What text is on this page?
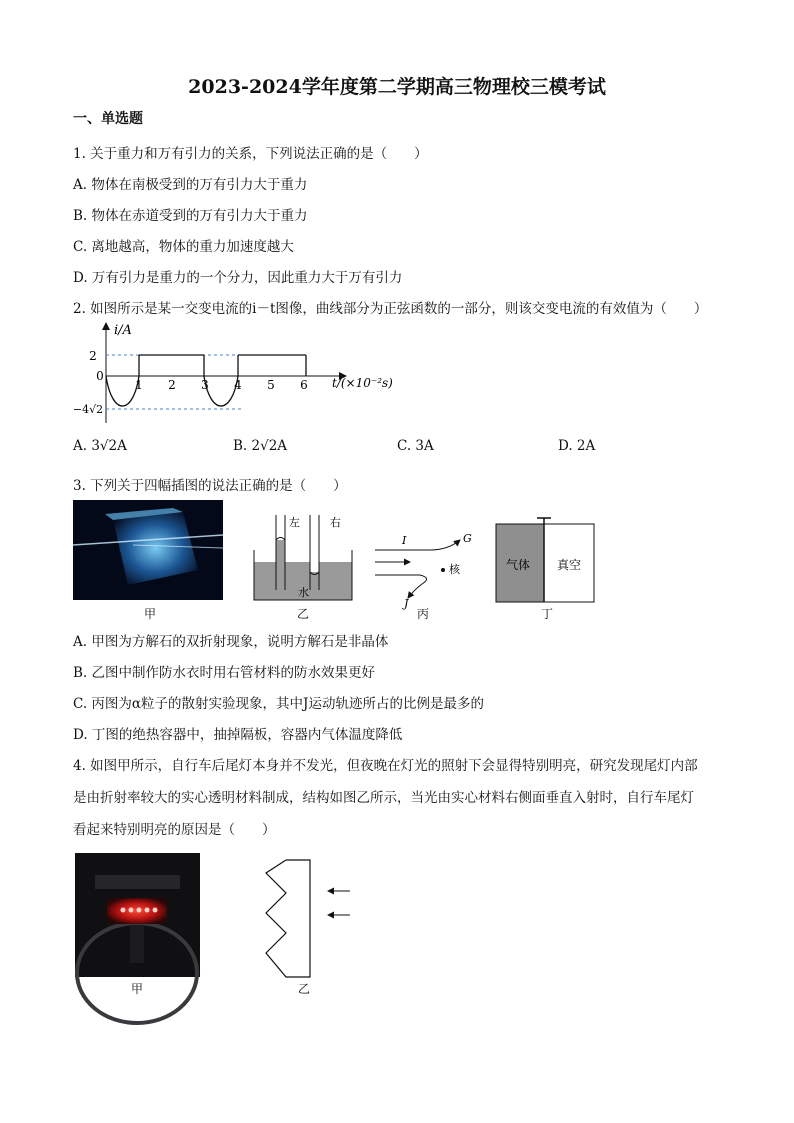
2023-2024学年度第二学期高三物理校三模考试
一、单选题
1. 关于重力和万有引力的关系，下列说法正确的是（　　）
A. 物体在南极受到的万有引力大于重力
B. 物体在赤道受到的万有引力大于重力
C. 离地越高，物体的重力加速度越大
D. 万有引力是重力的一个分力，因此重力大于万有引力
2. 如图所示是某一交变电流的i－t图像，曲线部分为正弦函数的一部分，则该交变电流的有效值为（　　）
i/A
2
0
−4√2
1 2 3 4 5 6 t/(×10⁻²s)
A. 3√2A	B. 2√2A	C. 3A	D. 2A
3. 下列关于四幅插图的说法正确的是（　　）
甲
左	右
水
乙
I	G
核
J
丙
气体 真空
丁
A. 甲图为方解石的双折射现象，说明方解石是非晶体
B. 乙图中制作防水衣时用右管材料的防水效果更好
C. 丙图为α粒子的散射实验现象，其中J运动轨迹所占的比例是最多的
D. 丁图的绝热容器中，抽掉隔板，容器内气体温度降低
4. 如图甲所示，自行车后尾灯本身并不发光，但夜晚在灯光的照射下会显得特别明亮，研究发现尾灯内部
是由折射率较大的实心透明材料制成，结构如图乙所示，当光由实心材料右侧面垂直入射时，自行车尾灯
看起来特别明亮的原因是（　　）
甲	乙
